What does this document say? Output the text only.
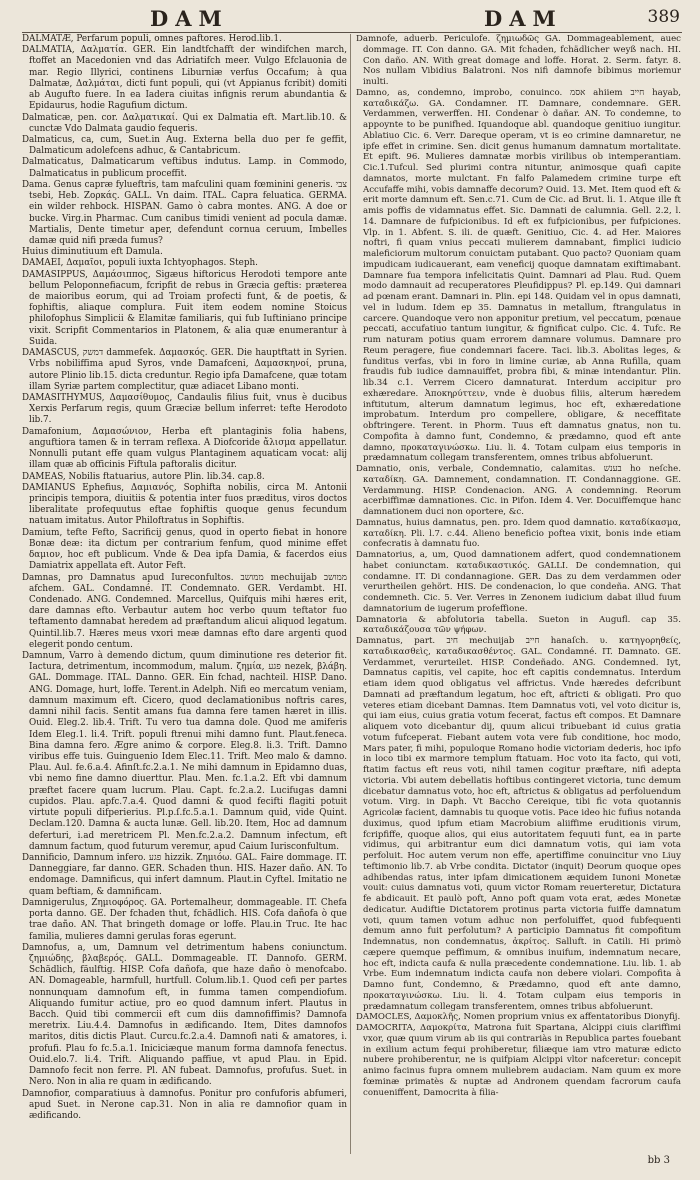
DAM	DAM	389

DALMATÆ, Perfarum populi, omnes paftores. Herod.lib.1.

DALMATIA, Δαλματία. GER. Ein landtfchafft der windifchen march, ftoffet an Macedonien vnd das Adriatifch meer. Vulgo Efclauonia de mar. Regio Illyrici, continens Liburniæ verfus Occafum; à qua Dalmatæ, Δαλμάται, dicti funt populi, qui (vt Appianus fcribit) domiti ab Augufto fuere. In ea Iadera ciuitas infignis rerum abundantia & Epidaurus, hodie Ragufium dictum.

Dalmaticæ, pen. cor. Δαλματικαί. Qui ex Dalmatia eft. Mart.lib.10. & cunctæ Vdo Dalmata gaudio fequeris.

Dalmaticus, ca, cum, Suet.in Aug. Externa bella duo per fe geffit, Dalmaticum adolefcens adhuc, & Cantabricum.

Dalmaticatus, Dalmaticarum veftibus indutus. Lamp. in Commodo, Dalmaticatus in publicum proceffit.

Dama. Genus capræ fylueftris, tam mafculini quam fœminini generis. צבי tsebi, Heb. Ζορκάς. GALL. Vn daim. ITAL. Capra feluatica. GERMA. ein wilder rehbock. HISPAN. Gamo ò cabra montes. ANG. A doe or bucke. Virg.in Pharmac. Cum canibus timidi venient ad pocula damæ. Martialis, Dente timetur aper, defendunt cornua ceruum, Imbelles damæ quid nifi præda fumus?

Huius diminutiuum eft Damula.

DAMAEI, Δαμαῖοι, populi iuxta Ichtyophagos. Steph.

DAMASIPPUS, Δαμάσιππος, Sigæus hiftoricus Herodoti tempore ante bellum Peloponnefiacum, fcripfit de rebus in Græcia geftis: præterea de maioribus eorum, qui ad Troiam profecti funt, & de poetis, & fophiftis, aliaque complura. Fuit item eodem nomine Stoicus philofophus Simplicii & Elamitæ familiaris, qui fub Iuftiniano principe vixit. Scripfit Commentarios in Platonem, & alia quæ enumerantur à Suida.

DAMASCUS, דמשק dammefek. Δαμασκός. GER. Die hauptftatt in Syrien. Vrbs nobiliffima apud Syros, vnde Damafceni, Δαμασκηνοί, pruna, autore Plinio lib.15. dicta creduntur. Regio ipfa Damafcene, quæ totam illam Syriæ partem complectitur, quæ adiacet Libano monti.

DAMASITHYMUS, Δαμασίθυμος, Candaulis filius fuit, vnus è ducibus Xerxis Perfarum regis, quum Græciæ bellum inferret: tefte Herodoto lib.7.

Damafonium, Δαμασώνιον, Herba eft plantaginis folia habens, anguftiora tamen & in terram reflexa. A Diofcoride ἄλισμα appellatur. Nonnulli putant effe quam vulgus Plantaginem aquaticam vocat: alij illam quæ ab officinis Fiftula paftoralis dicitur.

DAMEAS, Nobilis ftatuarius, autore Plin. lib.34. cap.8.

DAMIANUS Ephefius, Δαμιανός, Sophifta nobilis, circa M. Antonii principis tempora, diuitiis & potentia inter fuos præditus, viros doctos liberalitate profequutus eftae fophiftis quoque genus fecundum natuam imitatus. Autor Philoftratus in Sophiftis.

Damium, tefte Fefto, Sacrificij genus, quod in operto fiebat in honore Bonæ deæ: ita dictum per contrarium fenfum, quod minime effet δαμιον, hoc eft publicum. Vnde & Dea ipfa Damia, & facerdos eius Damiatrix appellata eft. Autor Feft.

Damnas, pro Damnatus apud Iureconfultos. ממושב mechuijab ממושב afchem. GAL. Condamné. IT. Condemnato. GER. Verdambt. HI. Condenado. ANG. Condemned. Marcellus, Quifquis mihi hæres erit, dare damnas efto. Verbautur autem hoc verbo quum teftator fuo teftamento damnabat heredem ad præftandum alicui aliquod legatum. Quintil.lib.7. Hæres meus vxori meæ damnas efto dare argenti quod elegerit pondo centum.

Damnum, Varro à demendo dictum, quum diminutione res deterior fit. Iactura, detrimentum, incommodum, malum. ζημία, פגע nezek, βλάβη. GAL. Dommage. ITAL. Danno. GER. Ein fchad, nachteil. HISP. Dano. ANG. Domage, hurt, loffe. Terent.in Adelph. Nifi eo mercatum veniam, damnum maximum eft. Cicero, quod declamationibus noftris cares, damni nihil facis. Sentit amans fua damna fere tamen hæret in illis. Ouid. Eleg.2. lib.4. Trift. Tu vero tua damna dole. Quod me amiferis Idem Eleg.1. li.4. Trift. populi ftrenui mihi damno funt. Plaut.feneca. Bina damna fero. Ægre animo & corpore. Eleg.8. li.3. Trift. Damno viribus effe tuis. Guinguenio Idem Elec.11. Trift. Meo malo & damno. Plau. Aul. fe.6.a.4. Afinſt.fc.2.a.1. Ne mihi damnum in Epidamno duas, vbi nemo fine damno diuerttur. Plau. Men. fc.1.a.2. Eft vbi damnum præftet facere quam lucrum. Plau. Capt. fc.2.a.2. Lucifugas damni cupidos. Plau. apfc.7.a.4. Quod damni & quod fecifti flagiti potuit virtute populi difperierius. Pl.p.ſ.fc.5.a.1. Damnum quid, vide Quint. Declam.120. Damna & aucta lunæ. Gell. lib.20. Item, Hoc ad damnum deferturi, i.ad meretricem Pl. Men.fc.2.a.2. Damnum infectum, eft damnum factum, quod futurum veremur, apud Caium Iurisconfultum.

Dannificio, Damnum infero. פגע hizzik. Ζημιόω. GAL. Faire dommage. IT. Danneggiare, far danno. GER. Schaden thun. HIS. Hazer daño. AN. To endomage. Damnificus, qui infert damnum. Plaut.in Cyftel. Imitatio ne quam beftiam, & damnificam.

Damnigerulus, Ζημιοφόρος. GA. Portemalheur, dommageable. IT. Chefa porta danno. GE. Der fchaden thut, fchädlich. HIS. Cofa dañofa ò que trae daño. AN. That bringeth domage or loffe. Plau.in Truc. Ite hac familia, mulieres damni gerulas foras egerunt.

Damnofus, a, um, Damnum vel detrimentum habens coniunctum. ζημιώδης, βλαβερός. GALL. Dommageable. IT. Dannofo. GERM. Schädlich, fäulftig. HISP. Cofa dañofa, que haze daño ò menofcabo. AN. Domageable, harmfull, hurtfull. Colum.lib.1. Quod cefi per partes nonnunquam damnofum eft, in fumma tamen compendiofum. Aliquando fumitur actiue, pro eo quod damnum infert. Plautus in Bacch. Quid tibi commercii eft cum diis damnofiffimis? Damnofa meretrix. Liu.4.4. Damnofus in ædificando. Item, Dites damnofos maritos, ditis dictis Plaut. Curcu.fc.2.a.4. Damnofi nati & amatores, i. profufi. Plau fo fc.5.a.1. Iniciciæque manum forma damnofa fenectus. Ouid.elo.7. li.4. Trift. Aliquando paffiue, vt apud Plau. in Epid. Damnofo fecit non ferre. Pl. AN fubeat. Damnofus, profufus. Suet. in Nero. Non in alia re quam in ædificando.

Damnofior, comparatiuus à damnofus. Ponitur pro confuforis abfumeri, apud Suet. in Nerone cap.31. Non in alia re damnofior quam in ædificando.

Damnofe, aduerb. Periculofe. ζημιωδῶς GA. Dommageablement, auec dommage. IT. Con danno. GA. Mit fchaden, fchädlicher weyß nach. HI. Con daño. AN. With great domage and loffe. Horat. 2. Serm. fatyr. 8. Nos nullam Vibidius Balatroni. Nos nifi damnofe bibimus moriemur inulti.

Damno, as, condemno, improbo, conuinco. אסמ ahiiem חייב hayab, καταδικάζω. GA. Condamner. IT. Damnare, condemnare. GER. Verdammen, verwerffen. HI. Condenar ò dañar. AN. To condemne, to appoynte to be punifhed. Iquandoque abl. quandoque genitiuo iungitur. Ablatiuo Cic. 6. Verr. Dareque operam, vt is eo crimine damnaretur, ne ipfe effet in crimine. Sen. dicit genus humanum damnatum mortalitate. Et epift. 96. Mulieres damnatæ morbis virilibus ob intemperantiam. Cic.1.Tufcul. Sed plurimi contra nituntur, animosque quafi capite damnatos, morte mulctant. Fn falfo Palamedem crimine turpe eft Accufaffe mihi, vobis damnaffe decorum? Ouid. 13. Met. Item quod eft & erit morte damnum eft. Sen.c.71. Cum de Cic. ad Brut. li. 1. Atque ille ft amis poffis de vidamnatus effet. Sic. Damnati de calumnia. Gell. 2.2, l. 14. Damnare de fufpicionibus. Id eft ex fufpicionibus, per fufpiciones. Vlp. in 1. Abfent. S. ili. de quæft. Genitiuo, Cic. 4. ad Her. Maiores noftri, fi quam vnius peccati mulierem damnabant, fimplici iudicio maleficiorum multorum conuictam putabant. Quo pacto? Quoniam quam impudicam iudicauerant, eam veneficij quoque damnatam exiftimabant. Damnare fua tempora infelicitatis Quint. Damnari ad Plau. Rud. Quem modo damnauit ad recuperatores Pleufidippus? Pl. ep.149. Qui damnari ad pœnam erant. Damnari in. Plin. epi 148. Quidam vel in opus damnati, vel in ludum. Idem ep 35. Damnatus in metallum, ftrangulatus in carcere. Quandoque vero non apponitur pretium, vel peccatum, pœnaue peccati, accufatiuo tantum iungitur, & fignificat culpo. Cic. 4. Tufc. Re rum naturam potius quam errorem damnare volumus. Damnare pro Reum peragere, fiue condemnari facere. Taci. lib.3. Abolitas leges, & funditus verfas, vbi in foro in limine curiæ, ab Anna Rufilla, quam fraudis fub iudice damnauiffet, probra fibi, & minæ intendantur. Plin. lib.34 c.1. Verrem Cicero damnaturat. Interdum accipitur pro exhæredare. Ἀποκηρύττειν, vnde è duobus filiis, alterum hæredem inftitutum, alterum damnatum legimus, hoc eft, exhæredatione improbatum. Interdum pro compellere, obligare, & neceffitate obftringere. Terent. in Phorm. Tuus eft damnatus gnatus, non tu. Compofita à damno funt, Condemno, & prædamno, quod eft ante damno, προκαταγινώσκω. Liu. li. 4. Totam culpam eius temporis in prædamnatum collegam transferentem, omnes tribus abfoluerunt.

Damnatio, onis, verbale, Condemnatio, calamitas. בענשׁ ho neſche. καταδίκη. GA. Damnement, condamnation. IT. Condannaggione. GE. Verdammung. HISP. Condenacion. ANG. A condemning. Reorum acerbiffimæ damnationes. Cic. in Pifon. Idem 4. Ver. Docuiffemque hanc damnationem duci non oportere, &c.

Damnatus, huius damnatus, pen. pro. Idem quod damnatio. καταδίκασμα, καταδίκη. Pli. l.7. c.44. Alieno beneficio poftea vixit, bonis inde etiam confecratis à damnatu fuo.

Damnatorius, a, um, Quod damnationem adfert, quod condemnationem habet coniunctam. καταδικαστικός. GALLI. De condemnation, qui condamne. IT. Di condannagione. GER. Das zu dem verdammen oder verurtheilen gehört. HIS. De condenacion, lo que condeña. ANG. That condemneth. Cic. 5. Ver. Verres in Zenonem iudicium dabat illud fuum damnatorium de iugerum profeffione.

Damnatoria & abfolutoria tabella. Sueton in Augufl. cap 35. καταδικάζουσα τῶν ψήφων.

Damnatus, part. חיב mechuijab חייב hanaſch. υ. κατηγορηθείς, καταδικασθεὶς, καταδικασθέντος. GAL. Condamné. IT. Damnato. GE. Verdammet, verurteilet. HISP. Condeñado. ANG. Condemned. Iyt, Damnatus capitis, vel capite, hoc eft capitis condemnatus. Interdum etiam idem quod obligatus vel affrictus. Vnde hæredes defcribunt Damnati ad præftandum legatum, hoc eft, aftricti & obligati. Pro quo veteres etiam dicebant Damnas. Item Damnatus voti, vel voto dicitur is, qui iam eius, cuius gratia votum fecerat, factus eft compos. Et Damnare aliquem voto dicebantur dij, quum alicui tribuebant id cuius gratia votum fufceperat. Fiebant autem vota vere fub conditione, hoc modo, Mars pater, fi mihi, populoque Romano hodie victoriam dederis, hoc ipfo in loco tibi ex marmore templum ftatuam. Hoc voto ita facto, qui voti, ftatim factus eft reus voti, nihil tamen cogitur præftare, nifi adepta victoria. Vbi autem debellatis hoftibus contingeret victoria, tunc demum dicebatur damnatus voto, hoc eft, aftrictus & obligatus ad perfoluendum votum. Virg. in Daph. Vt Baccho Cereique, tibi fic vota quotannis Agricolæ facient, damnabis tu quoque votis. Pace ideo hic fufius notanda duximus, quod ipfum etiam Macrobium aliiffime eruditionis virum, fcripfiffe, quoque alios, qui eius autoritatem fequuti funt, ea in parte vidimus, qui arbitrantur eum dici damnatum votis, qui iam vota perfoluit. Hoc autem verum non effe, apertiffime conuincitur vno Liuy teftimonio lib.7. ab Vrbe condita. Dictator (inquit) Deorum quoque opes adhibendas ratus, inter ipfam dimicationem æquidem Iunoni Monetæ vouit: cuius damnatus voti, quum victor Romam reuerteretur, Dictatura fe abdicauit. Et paulò poft, Anno poft quam vota erat, ædes Monetæ dedicatur. Audiftie Dictatorem protinus parta victoria fuiffe damnatum voti, quum tamen votum adhuc non perfoluiffet, quod fubfequenti demum anno fuit perfolutum? A participio Damnatus fit compofitum Indemnatus, non condemnatus, ἀκρίτος. Salluft. in Catili. Hi primò cæpere quemque peffimum, & omnibus inuifum, indemnatum necare, hoc eft, indicta caufa & nulla præcedente condemnatione. Liu. lib. 1. ab Vrbe. Eum indemnatum indicta caufa non debere violari. Compofita à Damno funt, Condemno, & Prædamno, quod eft ante damno, προκαταγινώσκω. Liu. li. 4. Totam culpam eius temporis in prædamnatum collegam transferentem, omnes tribus abfoluerunt.

DAMOCLES, Δαμοκλῆς, Nomen proprium vnius ex affentatoribus Dionyfij.

DAMOCRITA, Δαμοκρίτα, Matrona fuit Spartana, Alcippi ciuis clariffimi vxor, quæ quum virum ab iis qui contrariàs in Republica partes fouebant in exilium actum fequi prohiberetur, filiæque iam vtro maturæ edicto nubere prohiberentur, ne is quifpiam Alcippi vltor nafceretur: concepit animo facinus fupra omnem muliebrem audaciam. Nam quum ex more fœminæ primatès & nuptæ ad Andronem quendam facrorum caufa conueniffent, Damocrita à filia-

bb 3
